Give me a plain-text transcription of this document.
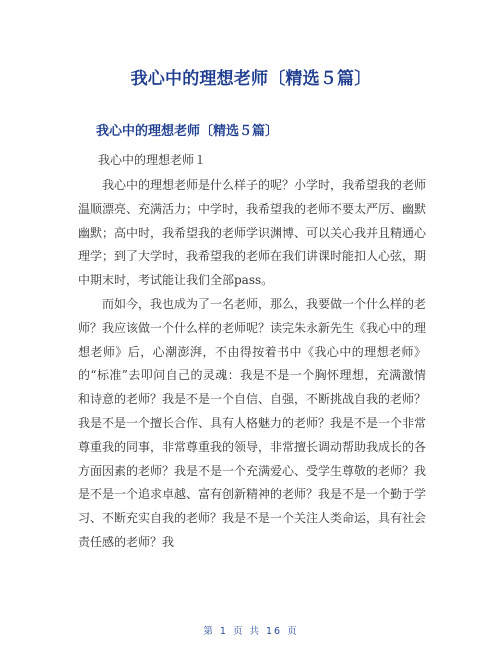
我心中的理想老师〔精选５篇〕
我心中的理想老师〔精选５篇〕
我心中的理想老师１

我心中的理想老师是什么样子的呢？小学时，我希望我的老师温顺漂亮、充满活力；中学时，我希望我的老师不要太严厉、幽默幽默；高中时，我希望我的老师学识渊博、可以关心我并且精通心理学；到了大学时，我希望我的老师在我们讲课时能扣人心弦，期中期末时，考试能让我们全部pass。

而如今，我也成为了一名老师，那么，我要做一个什么样的老师？我应该做一个什么样的老师呢？读完朱永新先生《我心中的理想老师》后，心潮澎湃，不由得按着书中《我心中的理想老师》的“标准”去叩问自己的灵魂：我是不是一个胸怀理想，充满激情和诗意的老师？我是不是一个自信、自强，不断挑战自我的老师？我是不是一个擅长合作、具有人格魅力的老师？我是不是一个非常尊重我的同事，非常尊重我的领导，非常擅长调动帮助我成长的各方面因素的老师？我是不是一个充满爱心、受学生尊敬的老师？我是不是一个追求卓越、富有创新精神的老师？我是不是一个勤于学习、不断充实自我的老师？我是不是一个关注人类命运，具有社会责任感的老师？我

第 1 页 共 16 页
